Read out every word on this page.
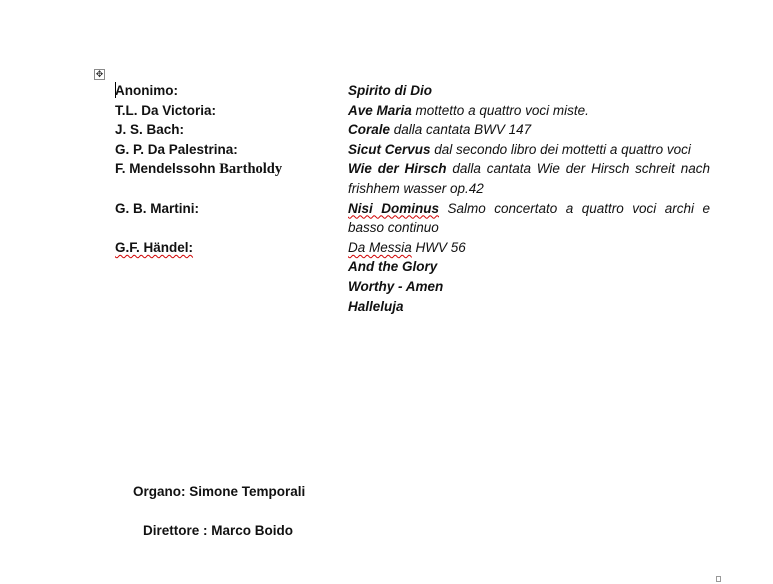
✥
Anonimo:	Spirito di Dio
T.L. Da Victoria:	Ave Maria mottetto a quattro voci miste.
J. S. Bach:	Corale dalla cantata BWV 147
G. P. Da Palestrina:	Sicut Cervus dal secondo libro dei mottetti a quattro voci
F. Mendelssohn Bartholdy	Wie der Hirsch dalla cantata Wie der Hirsch schreit nach frishhem wasser op.42
G. B. Martini:	Nisi Dominus Salmo concertato a quattro voci archi e basso continuo
G.F. Händel:	Da Messia HWV 56
And the Glory
Worthy - Amen
Halleluja
Organo: Simone Temporali
Direttore : Marco Boido
